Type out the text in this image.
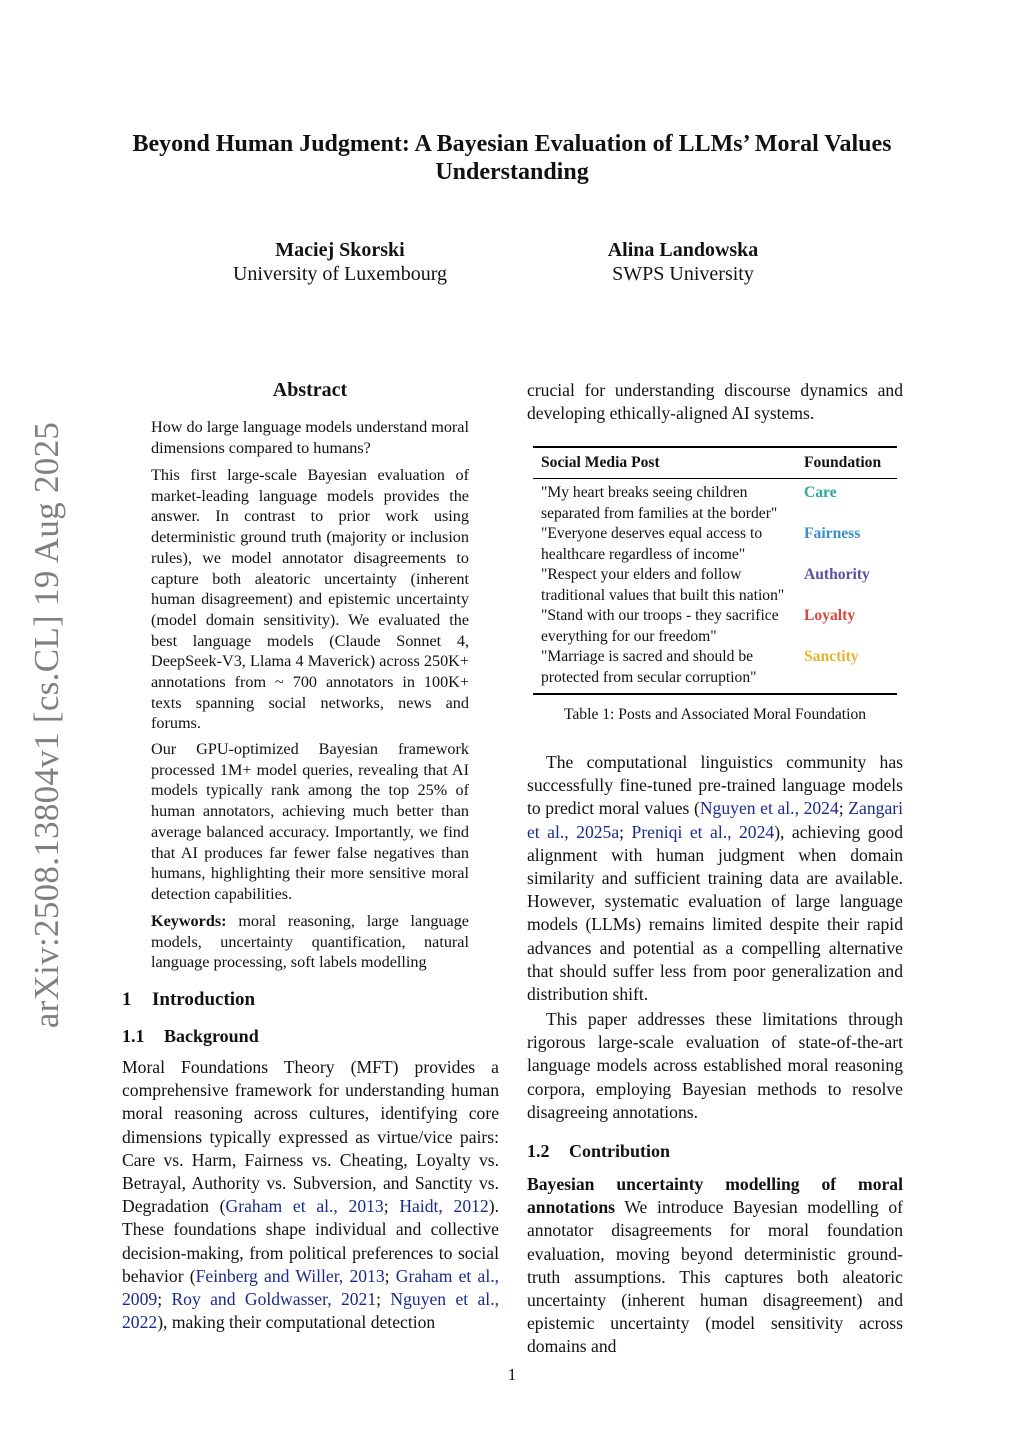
Beyond Human Judgment: A Bayesian Evaluation of LLMs’ Moral Values
Understanding
Maciej Skorski
University of Luxembourg
Alina Landowska
SWPS University
arXiv:2508.13804v1 [cs.CL] 19 Aug 2025
Abstract

How do large language models understand moral dimensions compared to humans?

This first large-scale Bayesian evaluation of market-leading language models provides the answer. In contrast to prior work using deterministic ground truth (majority or inclusion rules), we model annotator disagreements to capture both aleatoric uncertainty (inherent human disagreement) and epistemic uncertainty (model domain sensitivity). We evaluated the best language models (Claude Sonnet 4, DeepSeek-V3, Llama 4 Maverick) across 250K+ annotations from ~ 700 annotators in 100K+ texts spanning social networks, news and forums.

Our GPU-optimized Bayesian framework processed 1M+ model queries, revealing that AI models typically rank among the top 25% of human annotators, achieving much better than average balanced accuracy. Importantly, we find that AI produces far fewer false negatives than humans, highlighting their more sensitive moral detection capabilities.

Keywords: moral reasoning, large language models, uncertainty quantification, natural language processing, soft labels modelling

1 Introduction
1.1 Background

Moral Foundations Theory (MFT) provides a comprehensive framework for understanding human moral reasoning across cultures, identifying core dimensions typically expressed as virtue/vice pairs: Care vs. Harm, Fairness vs. Cheating, Loyalty vs. Betrayal, Authority vs. Subversion, and Sanctity vs. Degradation (Graham et al., 2013; Haidt, 2012). These foundations shape individual and collective decision-making, from political preferences to social behavior (Feinberg and Willer, 2013; Graham et al., 2009; Roy and Goldwasser, 2021; Nguyen et al., 2022), making their computational detection

crucial for understanding discourse dynamics and developing ethically-aligned AI systems.

Social Media Post	Foundation
"My heart breaks seeing children separated from families at the border"
Care
"Everyone deserves equal access to healthcare regardless of income"
Fairness
"Respect your elders and follow traditional values that built this nation"
Authority
"Stand with our troops - they sacrifice everything for our freedom"
Loyalty
"Marriage is sacred and should be protected from secular corruption"
Sanctity
Table 1: Posts and Associated Moral Foundation

The computational linguistics community has successfully fine-tuned pre-trained language models to predict moral values (Nguyen et al., 2024; Zangari et al., 2025a; Preniqi et al., 2024), achieving good alignment with human judgment when domain similarity and sufficient training data are available. However, systematic evaluation of large language models (LLMs) remains limited despite their rapid advances and potential as a compelling alternative that should suffer less from poor generalization and distribution shift.

This paper addresses these limitations through rigorous large-scale evaluation of state-of-the-art language models across established moral reasoning corpora, employing Bayesian methods to resolve disagreeing annotations.

1.2 Contribution

Bayesian uncertainty modelling of moral annotations We introduce Bayesian modelling of annotator disagreements for moral foundation evaluation, moving beyond deterministic ground-truth assumptions. This captures both aleatoric uncertainty (inherent human disagreement) and epistemic uncertainty (model sensitivity across domains and

1
